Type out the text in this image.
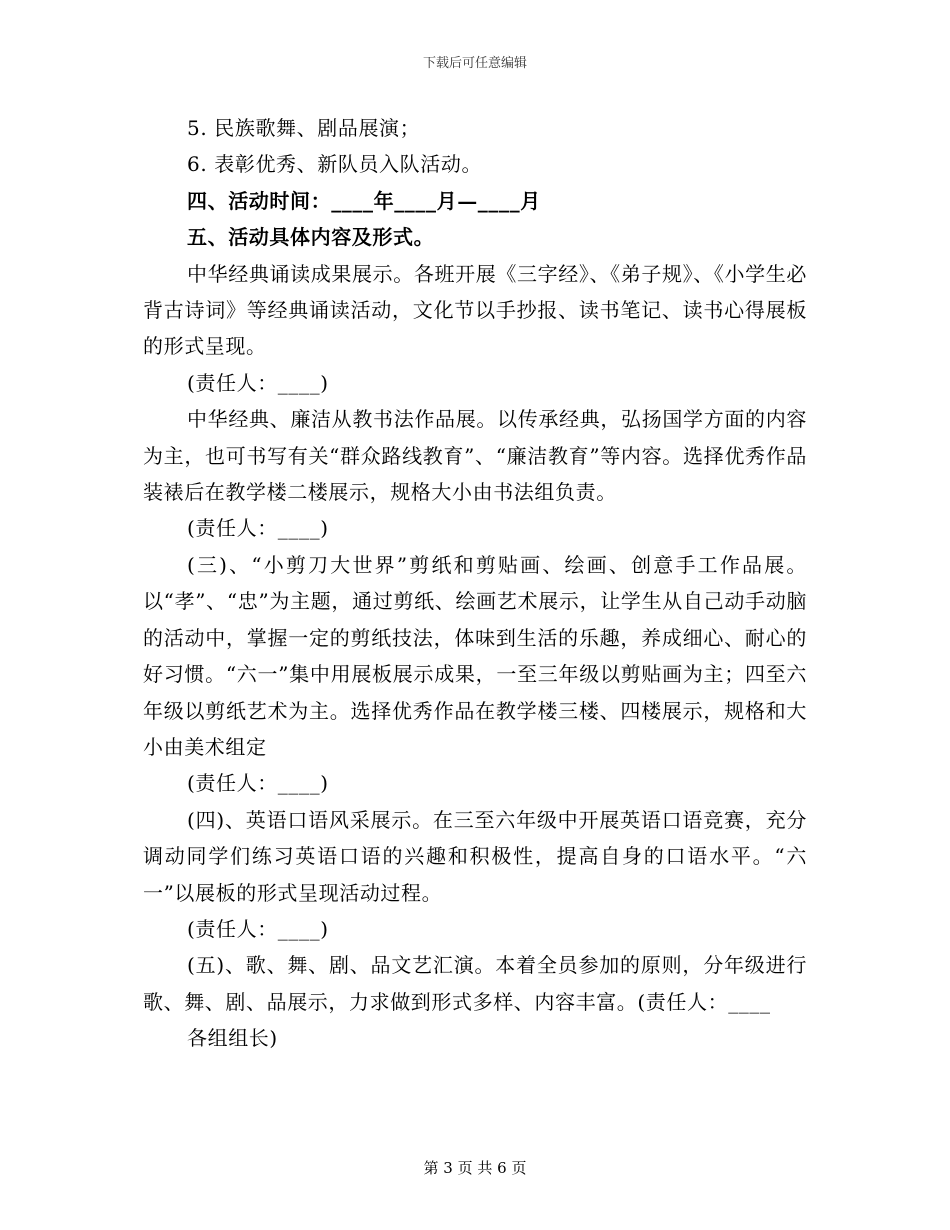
下载后可任意编辑

5. 民族歌舞、剧品展演；

6. 表彰优秀、新队员入队活动。

四、活动时间：____年____月—____月

五、活动具体内容及形式。

中华经典诵读成果展示。各班开展《三字经》、《弟子规》、《小学生必背古诗词》等经典诵读活动，文化节以手抄报、读书笔记、读书心得展板的形式呈现。

(责任人：____)

中华经典、廉洁从教书法作品展。以传承经典，弘扬国学方面的内容为主，也可书写有关“群众路线教育”、“廉洁教育”等内容。选择优秀作品装裱后在教学楼二楼展示，规格大小由书法组负责。

(责任人：____)

(三)、“小剪刀大世界”剪纸和剪贴画、绘画、创意手工作品展。以“孝”、“忠”为主题，通过剪纸、绘画艺术展示，让学生从自己动手动脑的活动中，掌握一定的剪纸技法，体味到生活的乐趣，养成细心、耐心的好习惯。“六一”集中用展板展示成果，一至三年级以剪贴画为主；四至六年级以剪纸艺术为主。选择优秀作品在教学楼三楼、四楼展示，规格和大小由美术组定

(责任人：____)

(四)、英语口语风采展示。在三至六年级中开展英语口语竞赛，充分调动同学们练习英语口语的兴趣和积极性，提高自身的口语水平。“六一”以展板的形式呈现活动过程。

(责任人：____)

(五)、歌、舞、剧、品文艺汇演。本着全员参加的原则，分年级进行歌、舞、剧、品展示，力求做到形式多样、内容丰富。(责任人：____

各组组长)

第 3 页 共 6 页
